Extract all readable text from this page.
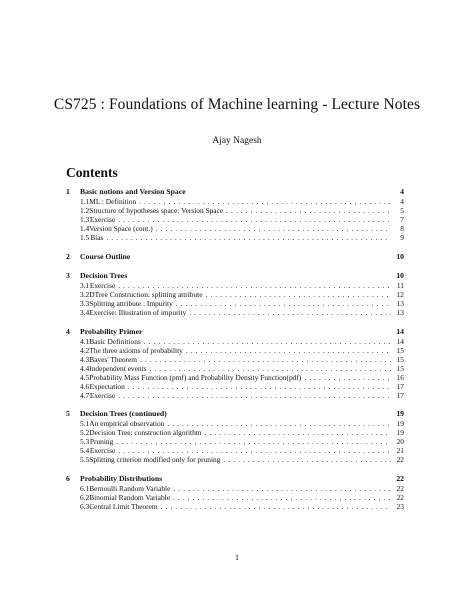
CS725 : Foundations of Machine learning - Lecture Notes
Ajay Nagesh
Contents
1	Basic notions and Version Space	4
1.1 ML : Definition . . .	4
1.2 Structure of hypotheses space: Version Space . . .	5
1.3 Exercise . . .	7
1.4 Version Space (cont.) . . .	8
1.5 Bias . . .	9
2	Course Outline	10
3	Decision Trees	10
3.1 Exercise . . .	11
3.2 DTree Construction: splitting attribute . . .	12
3.3 Splitting attribute : Impurity . . .	13
3.4 Exercise: Illustration of impurity . . .	13
4	Probability Primer	14
4.1 Basic Definitions . . .	14
4.2 The three axioms of probability . . .	15
4.3 Bayes' Theorem . . .	15
4.4 Independent events . . .	15
4.5 Probability Mass Function (pmf) and Probability Density Function(pdf) . . .	16
4.6 Expectation . . .	17
4.7 Exercise . . .	17
5	Decision Trees (continued)	19
5.1 An empirical observation . . .	19
5.2 Decision Tree: construction algorithm . . .	19
5.3 Pruning . . .	20
5.4 Exercise . . .	21
5.5 Splitting criterion modified only for pruning . . .	22
6	Probability Distributions	22
6.1 Bernoulli Random Variable . . .	22
6.2 Binomial Random Variable . . .	22
6.3 Central Limit Theorem . . .	23
1
